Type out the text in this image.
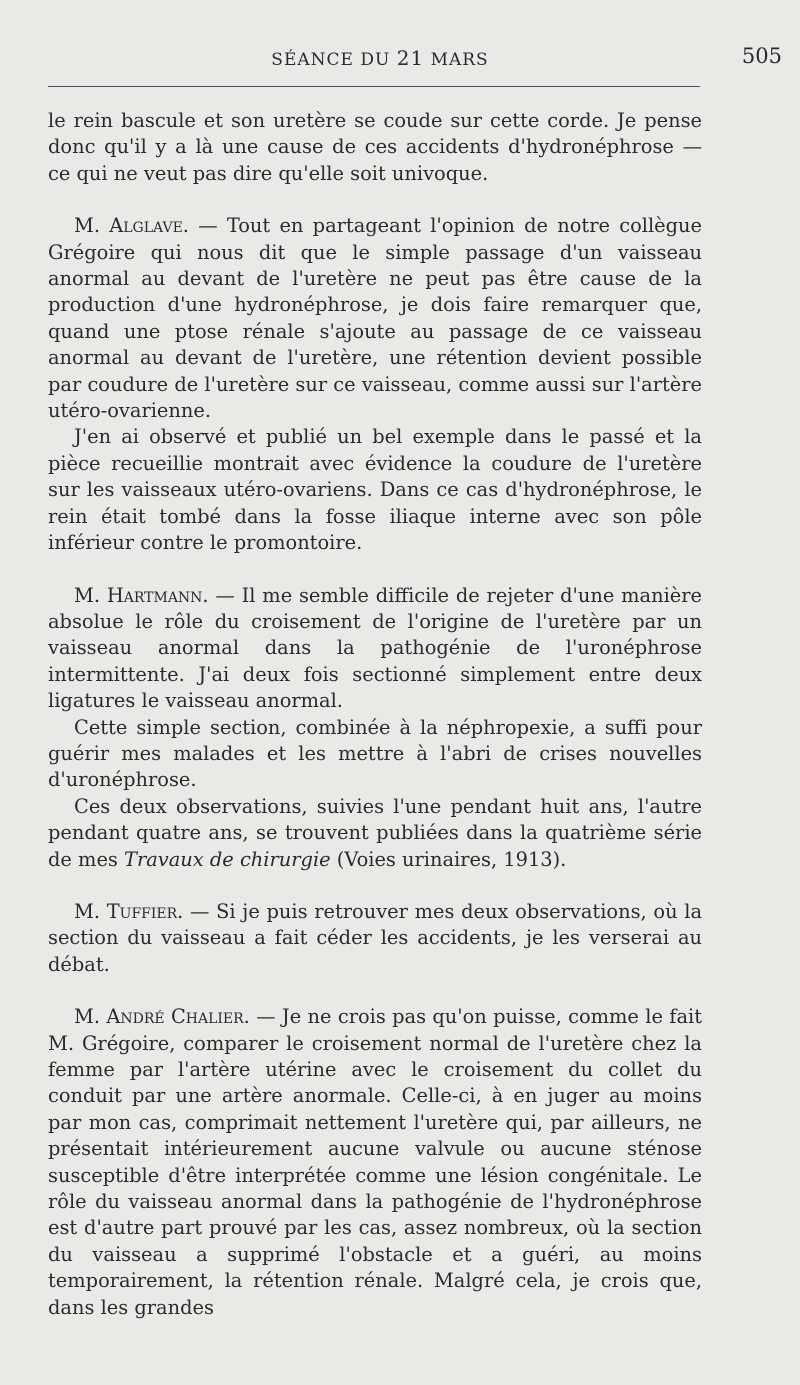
SÉANCE DU 21 MARS	505

le rein bascule et son uretère se coude sur cette corde. Je pense donc qu'il y a là une cause de ces accidents d'hydronéphrose — ce qui ne veut pas dire qu'elle soit univoque.

M. Alglave. — Tout en partageant l'opinion de notre collègue Grégoire qui nous dit que le simple passage d'un vaisseau anormal au devant de l'uretère ne peut pas être cause de la production d'une hydronéphrose, je dois faire remarquer que, quand une ptose rénale s'ajoute au passage de ce vaisseau anormal au devant de l'uretère, une rétention devient possible par coudure de l'uretère sur ce vaisseau, comme aussi sur l'artère utéro-ovarienne.

J'en ai observé et publié un bel exemple dans le passé et la pièce recueillie montrait avec évidence la coudure de l'uretère sur les vaisseaux utéro-ovariens. Dans ce cas d'hydronéphrose, le rein était tombé dans la fosse iliaque interne avec son pôle inférieur contre le promontoire.

M. Hartmann. — Il me semble difficile de rejeter d'une manière absolue le rôle du croisement de l'origine de l'uretère par un vaisseau anormal dans la pathogénie de l'uronéphrose intermittente. J'ai deux fois sectionné simplement entre deux ligatures le vaisseau anormal.

Cette simple section, combinée à la néphropexie, a suffi pour guérir mes malades et les mettre à l'abri de crises nouvelles d'uronéphrose.

Ces deux observations, suivies l'une pendant huit ans, l'autre pendant quatre ans, se trouvent publiées dans la quatrième série de mes Travaux de chirurgie (Voies urinaires, 1913).

M. Tuffier. — Si je puis retrouver mes deux observations, où la section du vaisseau a fait céder les accidents, je les verserai au débat.

M. André Chalier. — Je ne crois pas qu'on puisse, comme le fait M. Grégoire, comparer le croisement normal de l'uretère chez la femme par l'artère utérine avec le croisement du collet du conduit par une artère anormale. Celle-ci, à en juger au moins par mon cas, comprimait nettement l'uretère qui, par ailleurs, ne présentait intérieurement aucune valvule ou aucune sténose susceptible d'être interprétée comme une lésion congénitale. Le rôle du vaisseau anormal dans la pathogénie de l'hydronéphrose est d'autre part prouvé par les cas, assez nombreux, où la section du vaisseau a supprimé l'obstacle et a guéri, au moins temporairement, la rétention rénale. Malgré cela, je crois que, dans les grandes
